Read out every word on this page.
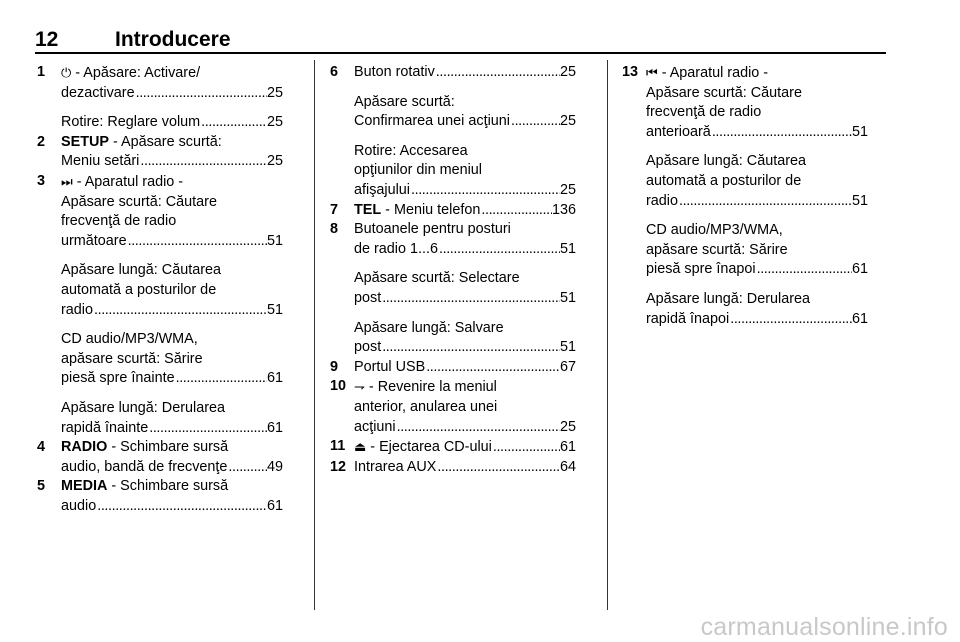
12	Introducere
1 ⏻ - Apăsare: Activare/
dezactivare . . .	25
Rotire: Reglare volum . . .	25
2 SETUP - Apăsare scurtă:
Meniu setări . . .	25
3 ⏭ - Aparatul radio -
Apăsare scurtă: Căutare
frecvenţă de radio
următoare . . .	51
Apăsare lungă: Căutarea
automată a posturilor de
radio . . .	51
CD audio/MP3/WMA,
apăsare scurtă: Sărire
piesă spre înainte . . .	61
Apăsare lungă: Derularea
rapidă înainte . . .	61
4 RADIO - Schimbare sursă
audio, bandă de frecvenţe . . .	49
5 MEDIA - Schimbare sursă
audio . . .	61
6 Buton rotativ . . .	25
Apăsare scurtă:
Confirmarea unei acţiuni . . .	25
Rotire: Accesarea
opţiunilor din meniul
afişajului . . .	25
7 TEL - Meniu telefon . . .	136
8 Butoanele pentru posturi
de radio 1...6 . . .	51
Apăsare scurtă: Selectare
post . . .	51
Apăsare lungă: Salvare
post . . .	51
9 Portul USB . . .	67
10 ⇁ - Revenire la meniul
anterior, anularea unei
acţiuni . . .	25
11 ⏏ - Ejectarea CD-ului . . .	61
12 Intrarea AUX . . .	64
13 ⏮ - Aparatul radio -
Apăsare scurtă: Căutare
frecvenţă de radio
anterioară . . .	51
Apăsare lungă: Căutarea
automată a posturilor de
radio . . .	51
CD audio/MP3/WMA,
apăsare scurtă: Sărire
piesă spre înapoi . . .	61
Apăsare lungă: Derularea
rapidă înapoi . . .	61
carmanualsonline.info
